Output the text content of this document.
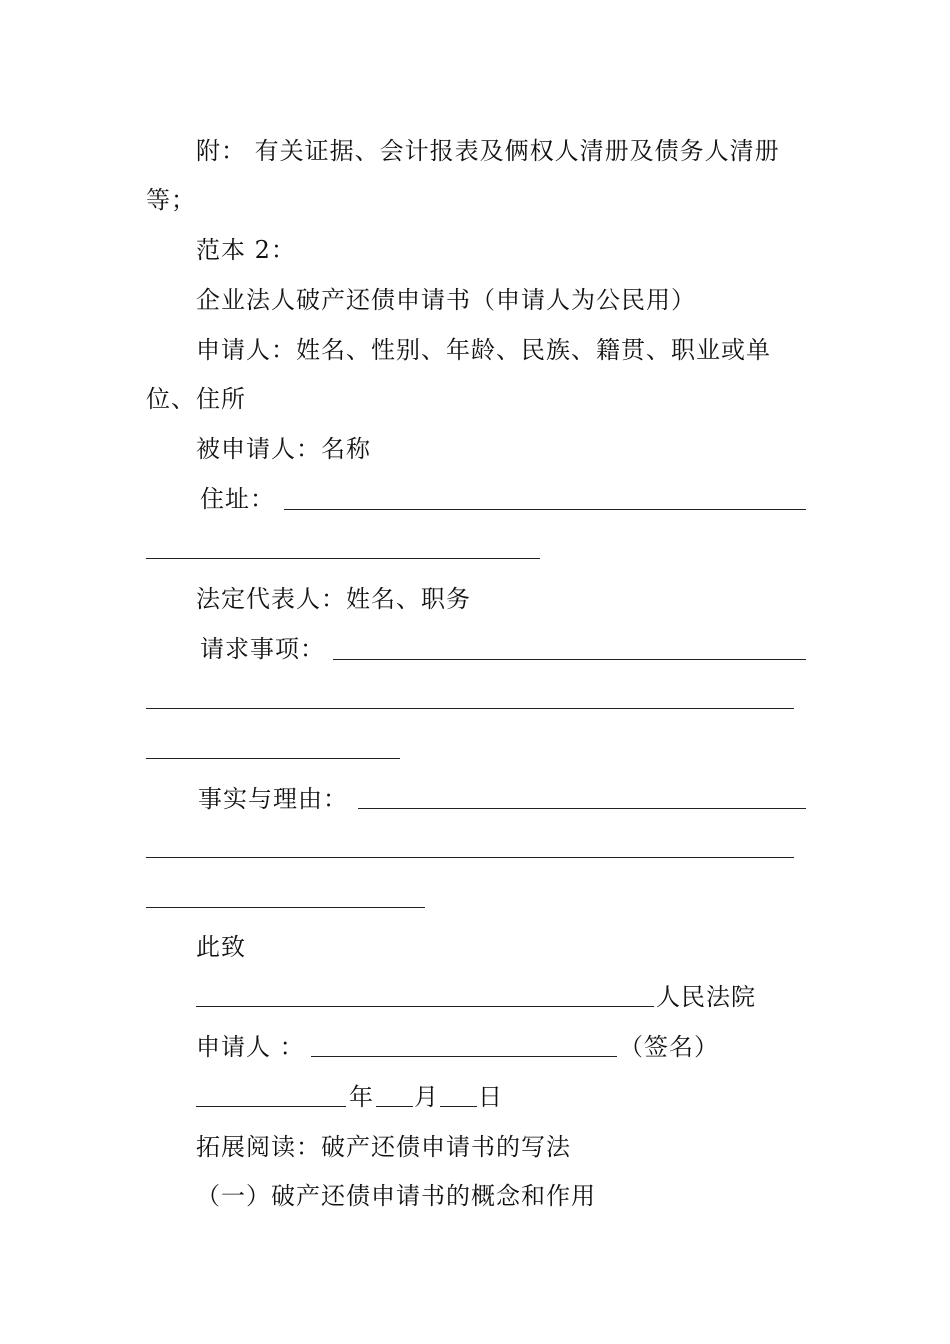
附： 有关证据、会计报表及俩权人清册及债务人清册
等；
范本 2：
企业法人破产还债申请书（申请人为公民用）
申请人：姓名、性别、年龄、民族、籍贯、职业或单
位、住所
被申请人：名称
住址：
法定代表人：姓名、职务
请求事项：
事实与理由：
此致
人民法院
申请人 ：	（签名）
年 月 日
拓展阅读：破产还债申请书的写法
（一）破产还债申请书的概念和作用
